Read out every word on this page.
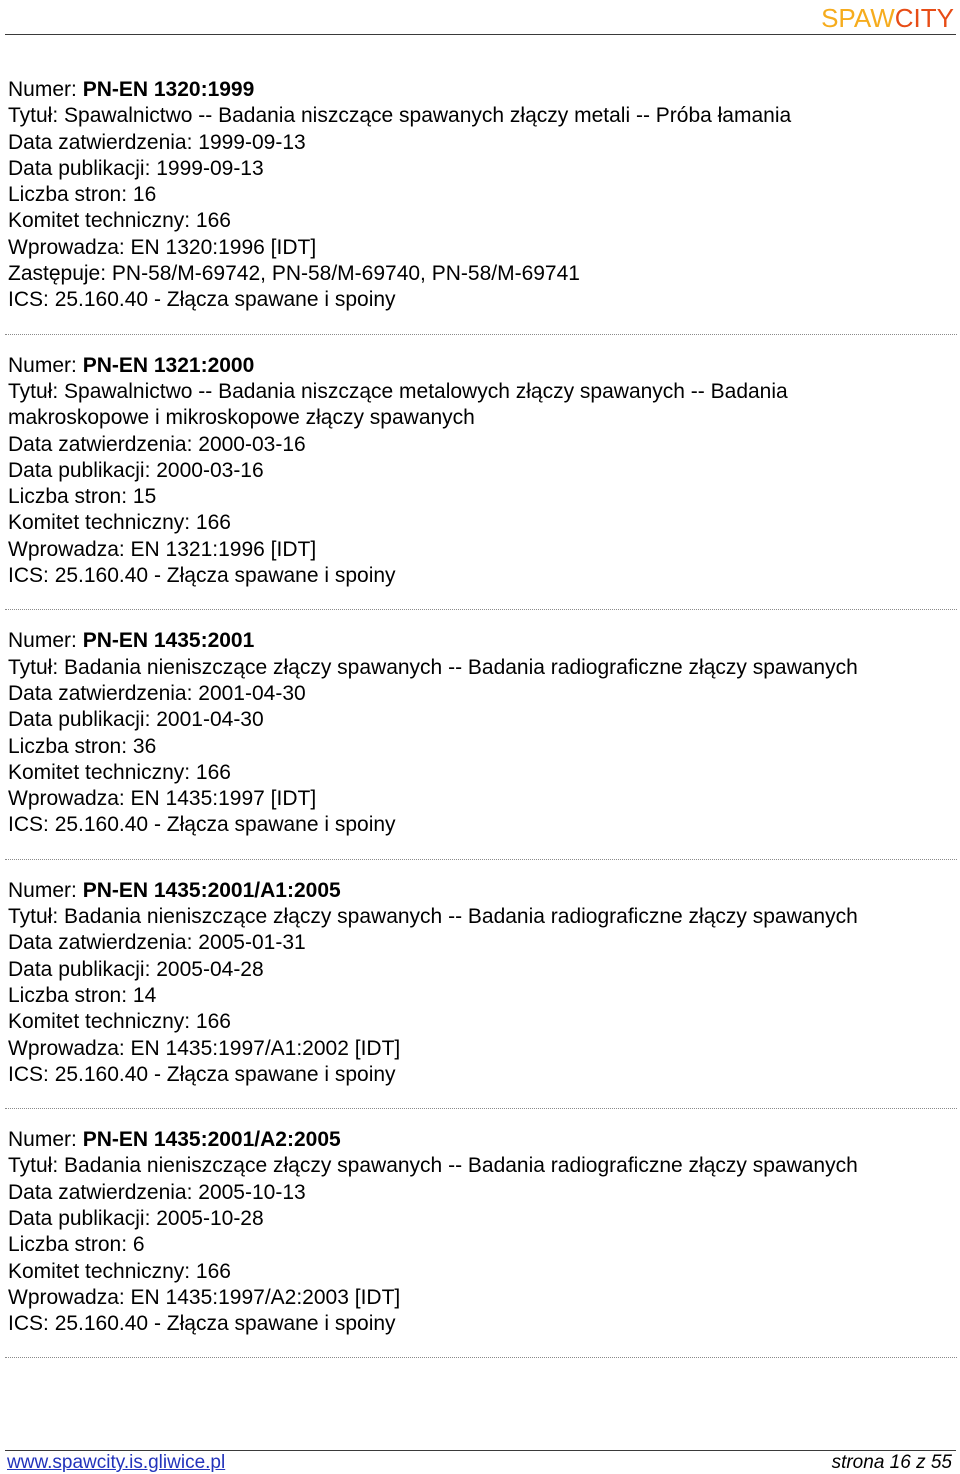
SPAWCITY
Numer: PN-EN 1320:1999
Tytuł: Spawalnictwo -- Badania niszczące spawanych złączy metali -- Próba łamania
Data zatwierdzenia: 1999-09-13
Data publikacji: 1999-09-13
Liczba stron: 16
Komitet techniczny: 166
Wprowadza: EN 1320:1996 [IDT]
Zastępuje: PN-58/M-69742, PN-58/M-69740, PN-58/M-69741
ICS: 25.160.40 - Złącza spawane i spoiny
Numer: PN-EN 1321:2000
Tytuł: Spawalnictwo -- Badania niszczące metalowych złączy spawanych -- Badania makroskopowe i mikroskopowe złączy spawanych
Data zatwierdzenia: 2000-03-16
Data publikacji: 2000-03-16
Liczba stron: 15
Komitet techniczny: 166
Wprowadza: EN 1321:1996 [IDT]
ICS: 25.160.40 - Złącza spawane i spoiny
Numer: PN-EN 1435:2001
Tytuł: Badania nieniszczące złączy spawanych -- Badania radiograficzne złączy spawanych
Data zatwierdzenia: 2001-04-30
Data publikacji: 2001-04-30
Liczba stron: 36
Komitet techniczny: 166
Wprowadza: EN 1435:1997 [IDT]
ICS: 25.160.40 - Złącza spawane i spoiny
Numer: PN-EN 1435:2001/A1:2005
Tytuł: Badania nieniszczące złączy spawanych -- Badania radiograficzne złączy spawanych
Data zatwierdzenia: 2005-01-31
Data publikacji: 2005-04-28
Liczba stron: 14
Komitet techniczny: 166
Wprowadza: EN 1435:1997/A1:2002 [IDT]
ICS: 25.160.40 - Złącza spawane i spoiny
Numer: PN-EN 1435:2001/A2:2005
Tytuł: Badania nieniszczące złączy spawanych -- Badania radiograficzne złączy spawanych
Data zatwierdzenia: 2005-10-13
Data publikacji: 2005-10-28
Liczba stron: 6
Komitet techniczny: 166
Wprowadza: EN 1435:1997/A2:2003 [IDT]
ICS: 25.160.40 - Złącza spawane i spoiny
www.spawcity.is.gliwice.pl	strona 16 z 55
